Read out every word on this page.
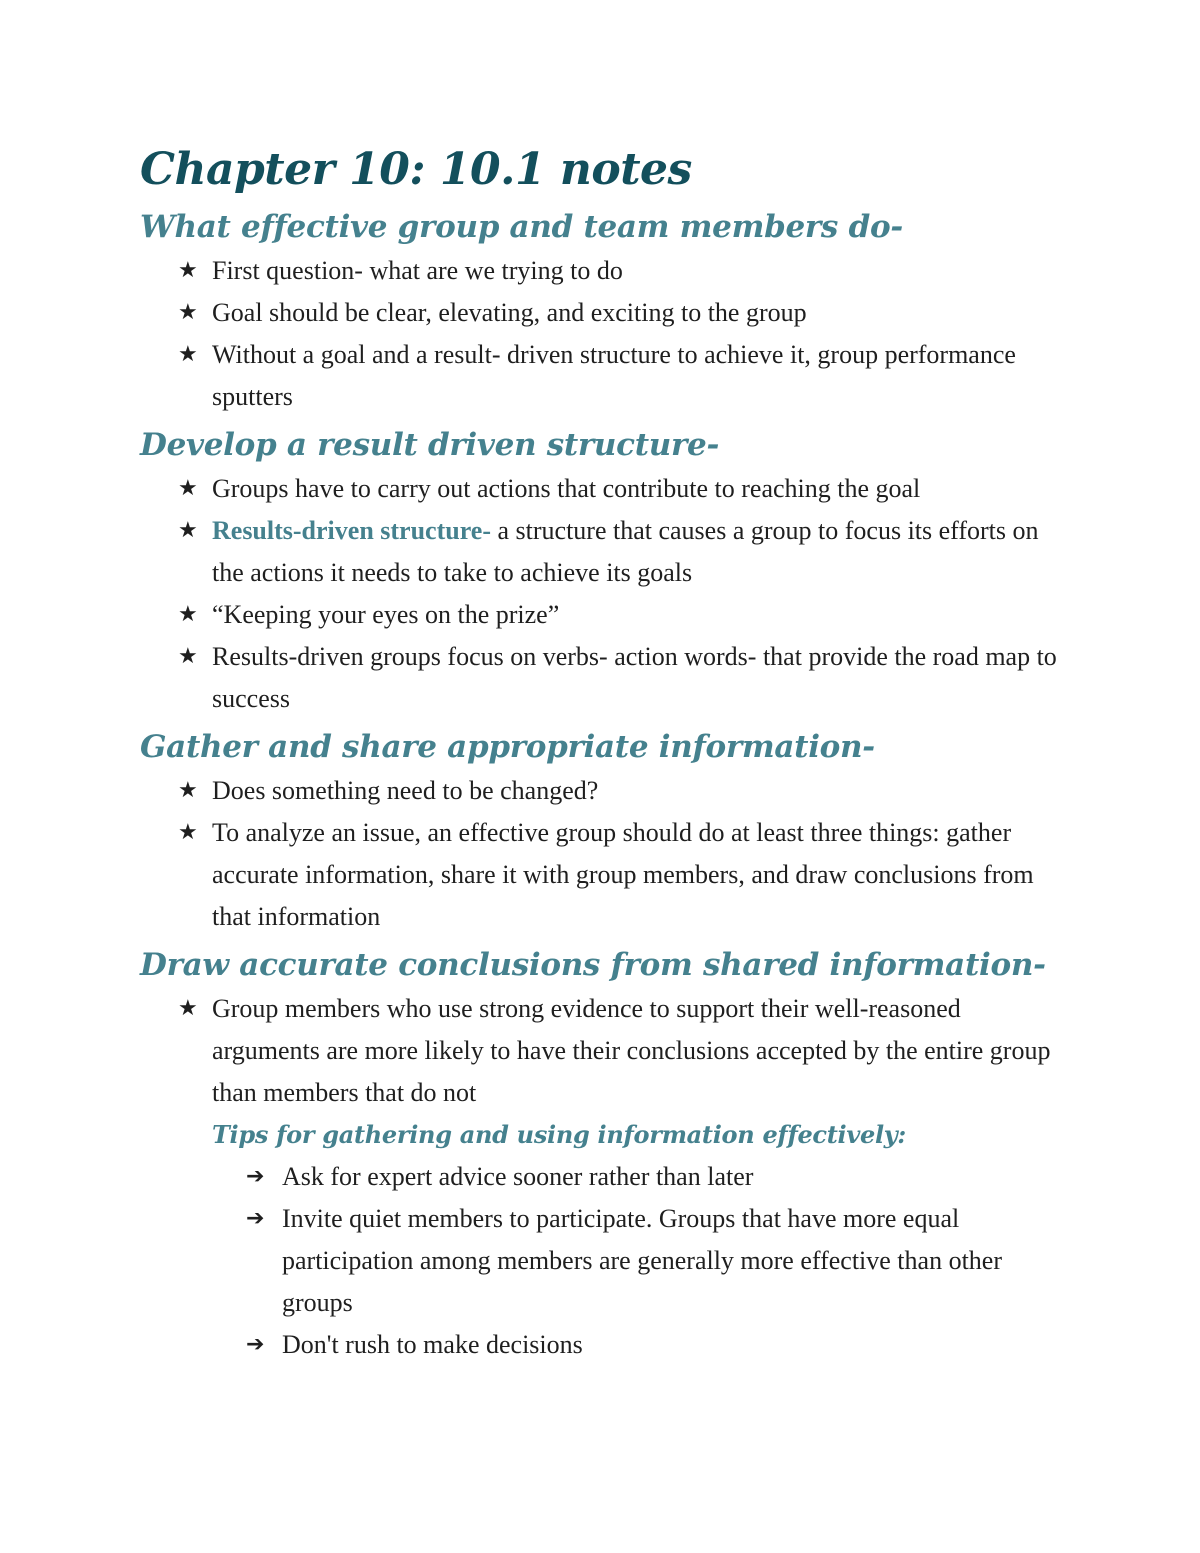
Chapter 10: 10.1 notes
What effective group and team members do-
★ First question- what are we trying to do
★ Goal should be clear, elevating, and exciting to the group
★ Without a goal and a result- driven structure to achieve it, group performance sputters
Develop a result driven structure-
★ Groups have to carry out actions that contribute to reaching the goal
★ Results-driven structure- a structure that causes a group to focus its efforts on the actions it needs to take to achieve its goals
★ “Keeping your eyes on the prize”
★ Results-driven groups focus on verbs- action words- that provide the road map to success
Gather and share appropriate information-
★ Does something need to be changed?
★ To analyze an issue, an effective group should do at least three things: gather accurate information, share it with group members, and draw conclusions from that information
Draw accurate conclusions from shared information-
★ Group members who use strong evidence to support their well-reasoned arguments are more likely to have their conclusions accepted by the entire group than members that do not
Tips for gathering and using information effectively:
➔ Ask for expert advice sooner rather than later
➔ Invite quiet members to participate. Groups that have more equal participation among members are generally more effective than other groups
➔ Don't rush to make decisions
